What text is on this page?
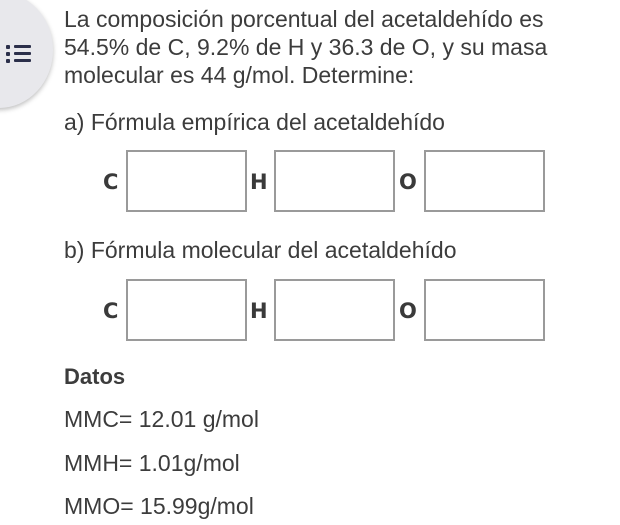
La composición porcentual del acetaldehído es

54.5% de C, 9.2% de H y 36.3 de O, y su masa

molecular es 44 g/mol. Determine:

a) Fórmula empírica del acetaldehído
C	H	O
b) Fórmula molecular del acetaldehído
C	H	O
Datos
MMC= 12.01 g/mol
MMH= 1.01g/mol
MMO= 15.99g/mol
